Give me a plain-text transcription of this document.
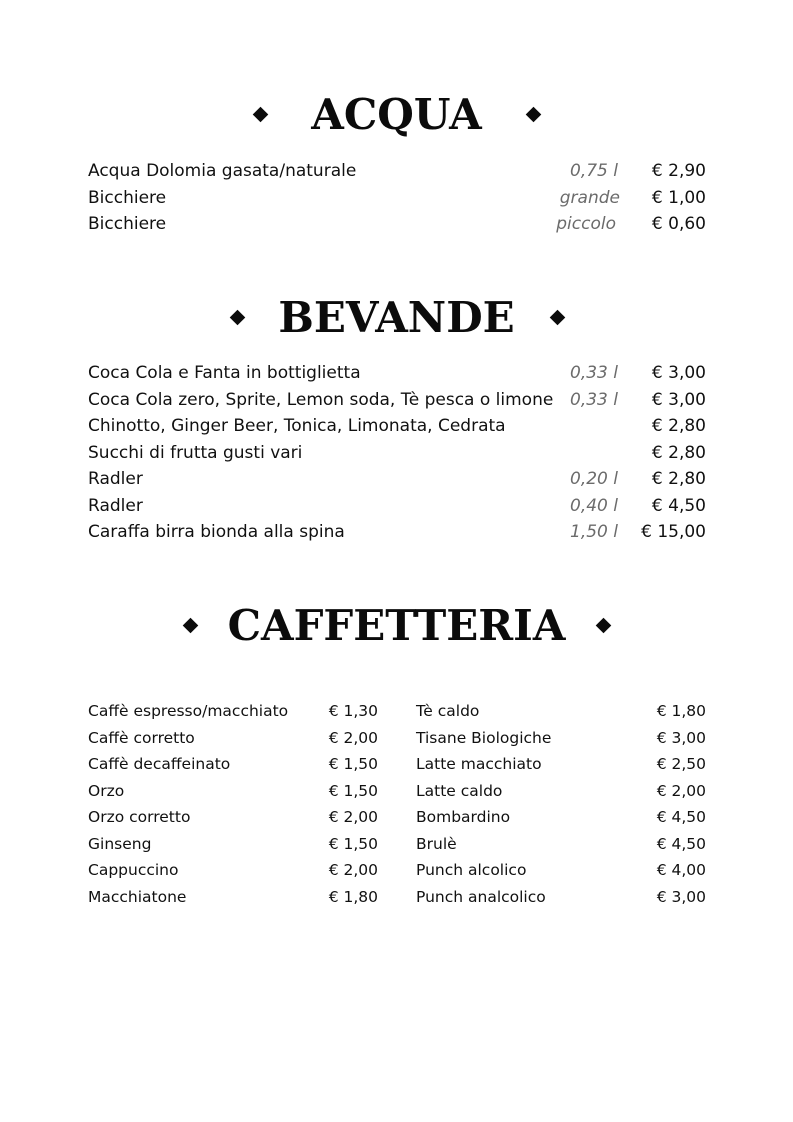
ACQUA
Acqua Dolomia gasata/naturale	0,75 l € 2,90
Bicchiere	grande € 1,00
Bicchiere	piccolo € 0,60
BEVANDE
Coca Cola e Fanta in bottiglietta	0,33 l € 3,00
Coca Cola zero, Sprite, Lemon soda, Tè pesca o limone 0,33 l € 3,00
Chinotto, Ginger Beer, Tonica, Limonata, Cedrata	€ 2,80
Succhi di frutta gusti vari	€ 2,80
Radler	0,20 l € 2,80
Radler	0,40 l € 4,50
Caraffa birra bionda alla spina	1,50 l € 15,00
CAFFETTERIA
Caffè espresso/macchiato	€ 1,30
Caffè corretto	€ 2,00
Caffè decaffeinato	€ 1,50
Orzo	€ 1,50
Orzo corretto	€ 2,00
Ginseng	€ 1,50
Cappuccino	€ 2,00
Macchiatone	€ 1,80
Tè caldo	€ 1,80
Tisane Biologiche	€ 3,00
Latte macchiato	€ 2,50
Latte caldo	€ 2,00
Bombardino	€ 4,50
Brulè	€ 4,50
Punch alcolico	€ 4,00
Punch analcolico	€ 3,00
